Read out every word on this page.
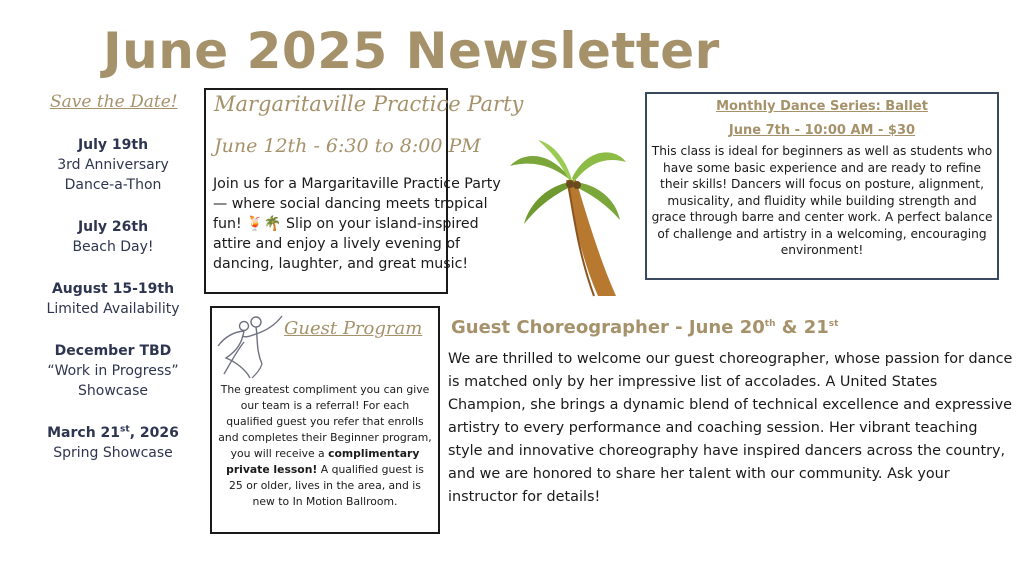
June 2025 Newsletter
Save the Date!
July 19th
3rd Anniversary
Dance-a-Thon
July 26th
Beach Day!
August 15-19th
Limited Availability
December TBD
“Work in Progress”
Showcase
March 21st, 2026
Spring Showcase
Margaritaville Practice Party
June 12th - 6:30 to 8:00 PM
Join us for a Margaritaville Practice Party — where social dancing meets tropical fun! 🍹🌴 Slip on your island-inspired attire and enjoy a lively evening of dancing, laughter, and great music!
Monthly Dance Series: Ballet
June 7th - 10:00 AM - $30
This class is ideal for beginners as well as students who have some basic experience and are ready to refine their skills! Dancers will focus on posture, alignment, musicality, and fluidity while building strength and grace through barre and center work. A perfect balance of challenge and artistry in a welcoming, encouraging environment!
Guest Program
The greatest compliment you can give our team is a referral! For each qualified guest you refer that enrolls and completes their Beginner program, you will receive a complimentary private lesson! A qualified guest is 25 or older, lives in the area, and is new to In Motion Ballroom.
Guest Choreographer - June 20th & 21st
We are thrilled to welcome our guest choreographer, whose passion for dance is matched only by her impressive list of accolades. A United States Champion, she brings a dynamic blend of technical excellence and expressive artistry to every performance and coaching session. Her vibrant teaching style and innovative choreography have inspired dancers across the country, and we are honored to share her talent with our community. Ask your instructor for details!
